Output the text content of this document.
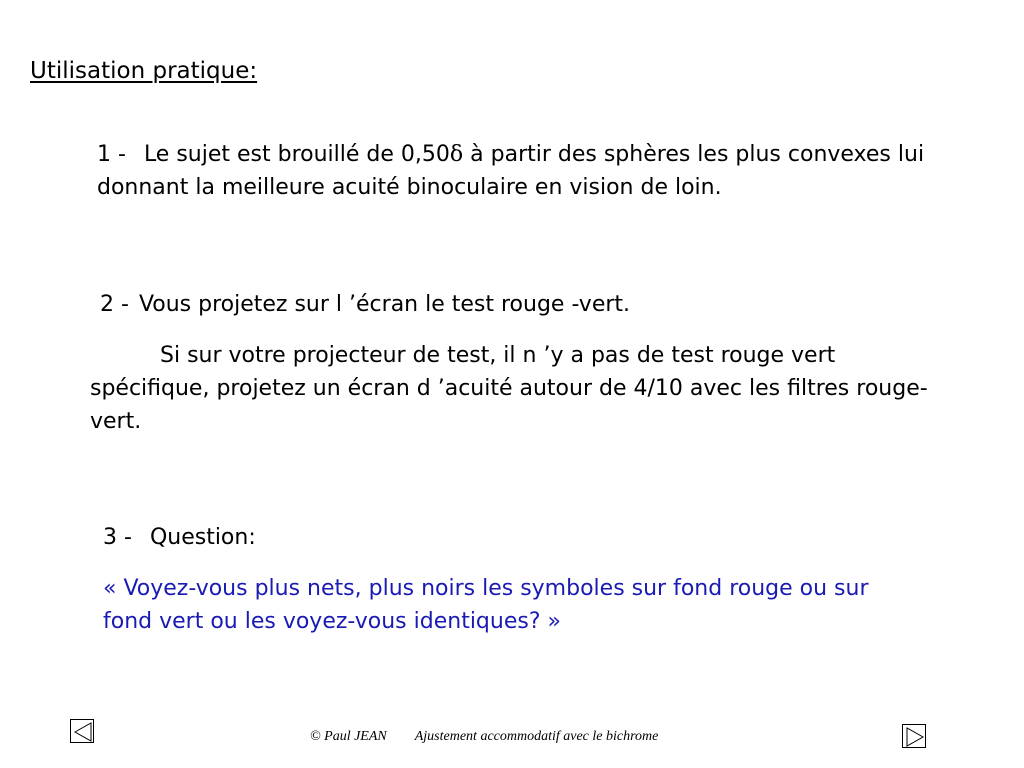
Utilisation pratique:

1 - Le sujet est brouillé de 0,50δ à partir des sphères les plus convexes lui donnant la meilleure acuité binoculaire en vision de loin.

2 - Vous projetez sur l ’écran le test rouge -vert.

Si sur votre projecteur de test, il n ’y a pas de test rouge vert spécifique, projetez un écran d ’acuité autour de 4/10 avec les filtres rouge-vert.

3 - Question:

« Voyez-vous plus nets, plus noirs les symboles sur fond rouge ou sur fond vert ou les voyez-vous identiques? »

© Paul JEAN Ajustement accommodatif avec le bichrome
